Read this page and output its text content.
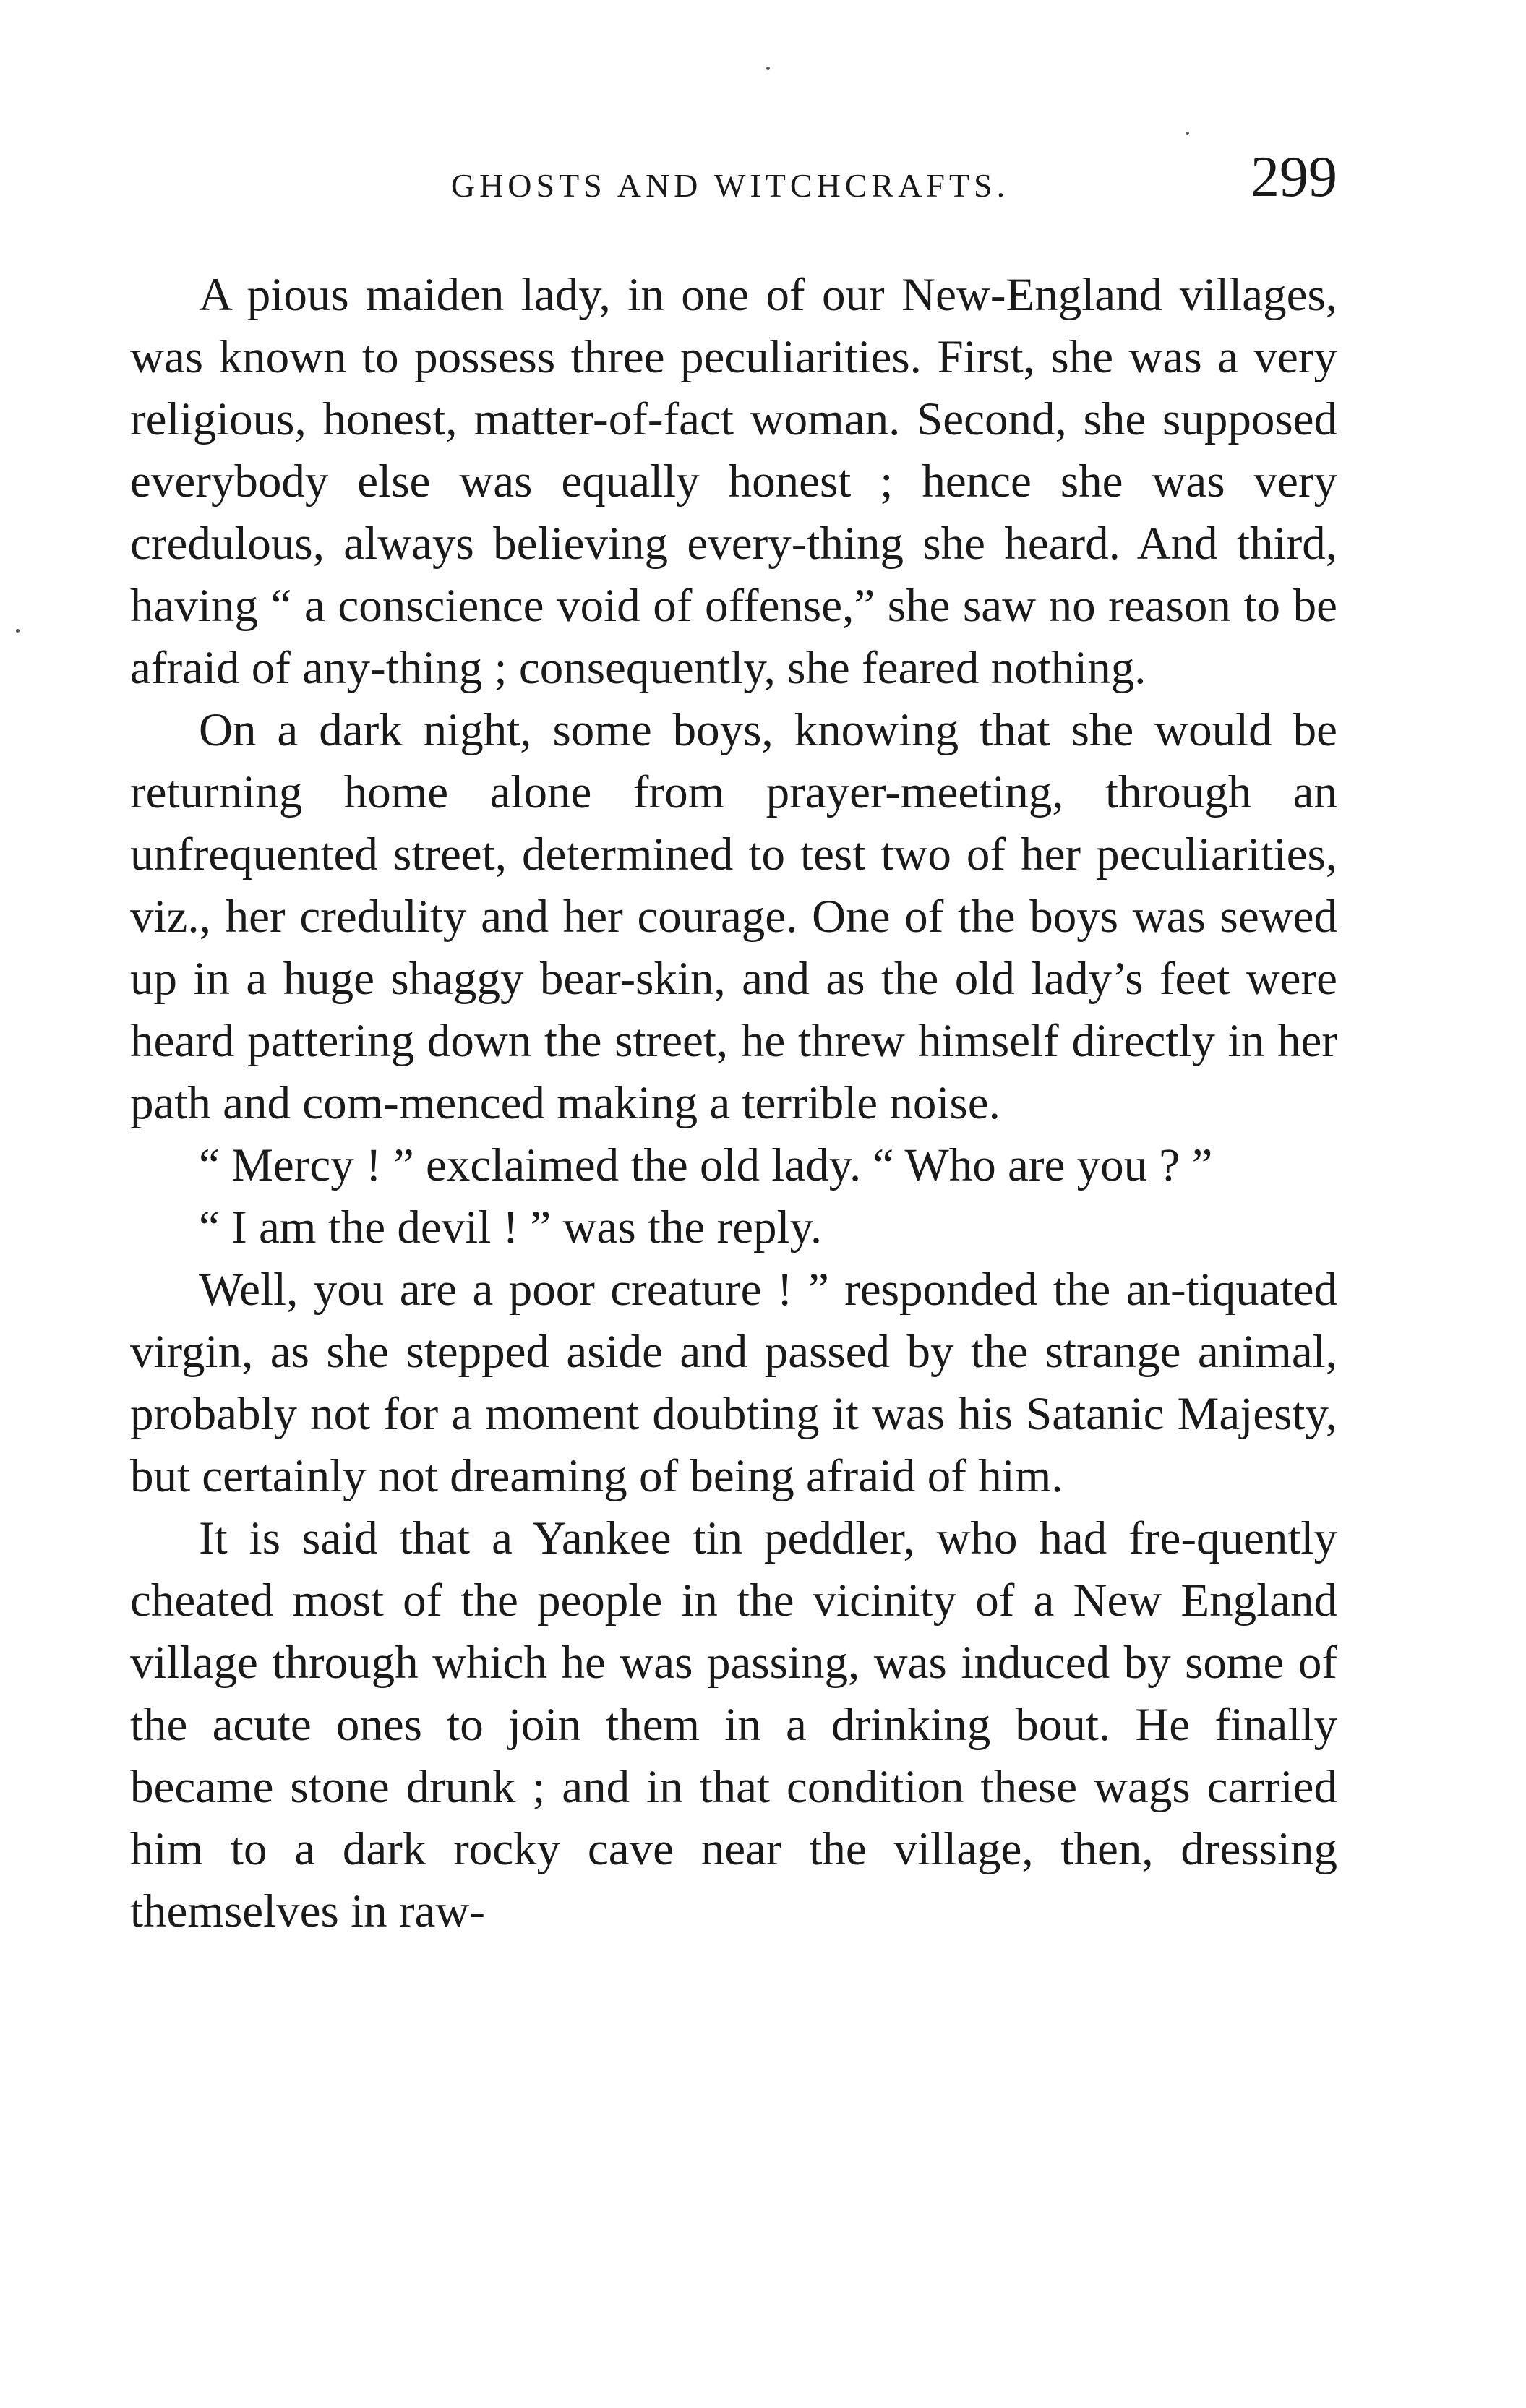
GHOSTS AND WITCHCRAFTS.	299

A pious maiden lady, in one of our New-England villages, was known to possess three peculiarities. First, she was a very religious, honest, matter-of-fact woman. Second, she supposed everybody else was equally honest ; hence she was very credulous, always believing every-thing she heard. And third, having “ a conscience void of offense,” she saw no reason to be afraid of any-thing ; consequently, she feared nothing.

On a dark night, some boys, knowing that she would be returning home alone from prayer-meeting, through an unfrequented street, determined to test two of her peculiarities, viz., her credulity and her courage. One of the boys was sewed up in a huge shaggy bear-skin, and as the old lady’s feet were heard pattering down the street, he threw himself directly in her path and com-menced making a terrible noise.

“ Mercy ! ” exclaimed the old lady. “ Who are you ? ”

“ I am the devil ! ” was the reply.

Well, you are a poor creature ! ” responded the an-tiquated virgin, as she stepped aside and passed by the strange animal, probably not for a moment doubting it was his Satanic Majesty, but certainly not dreaming of being afraid of him.

It is said that a Yankee tin peddler, who had fre-quently cheated most of the people in the vicinity of a New England village through which he was passing, was induced by some of the acute ones to join them in a drinking bout. He finally became stone drunk ; and in that condition these wags carried him to a dark rocky cave near the village, then, dressing themselves in raw-
